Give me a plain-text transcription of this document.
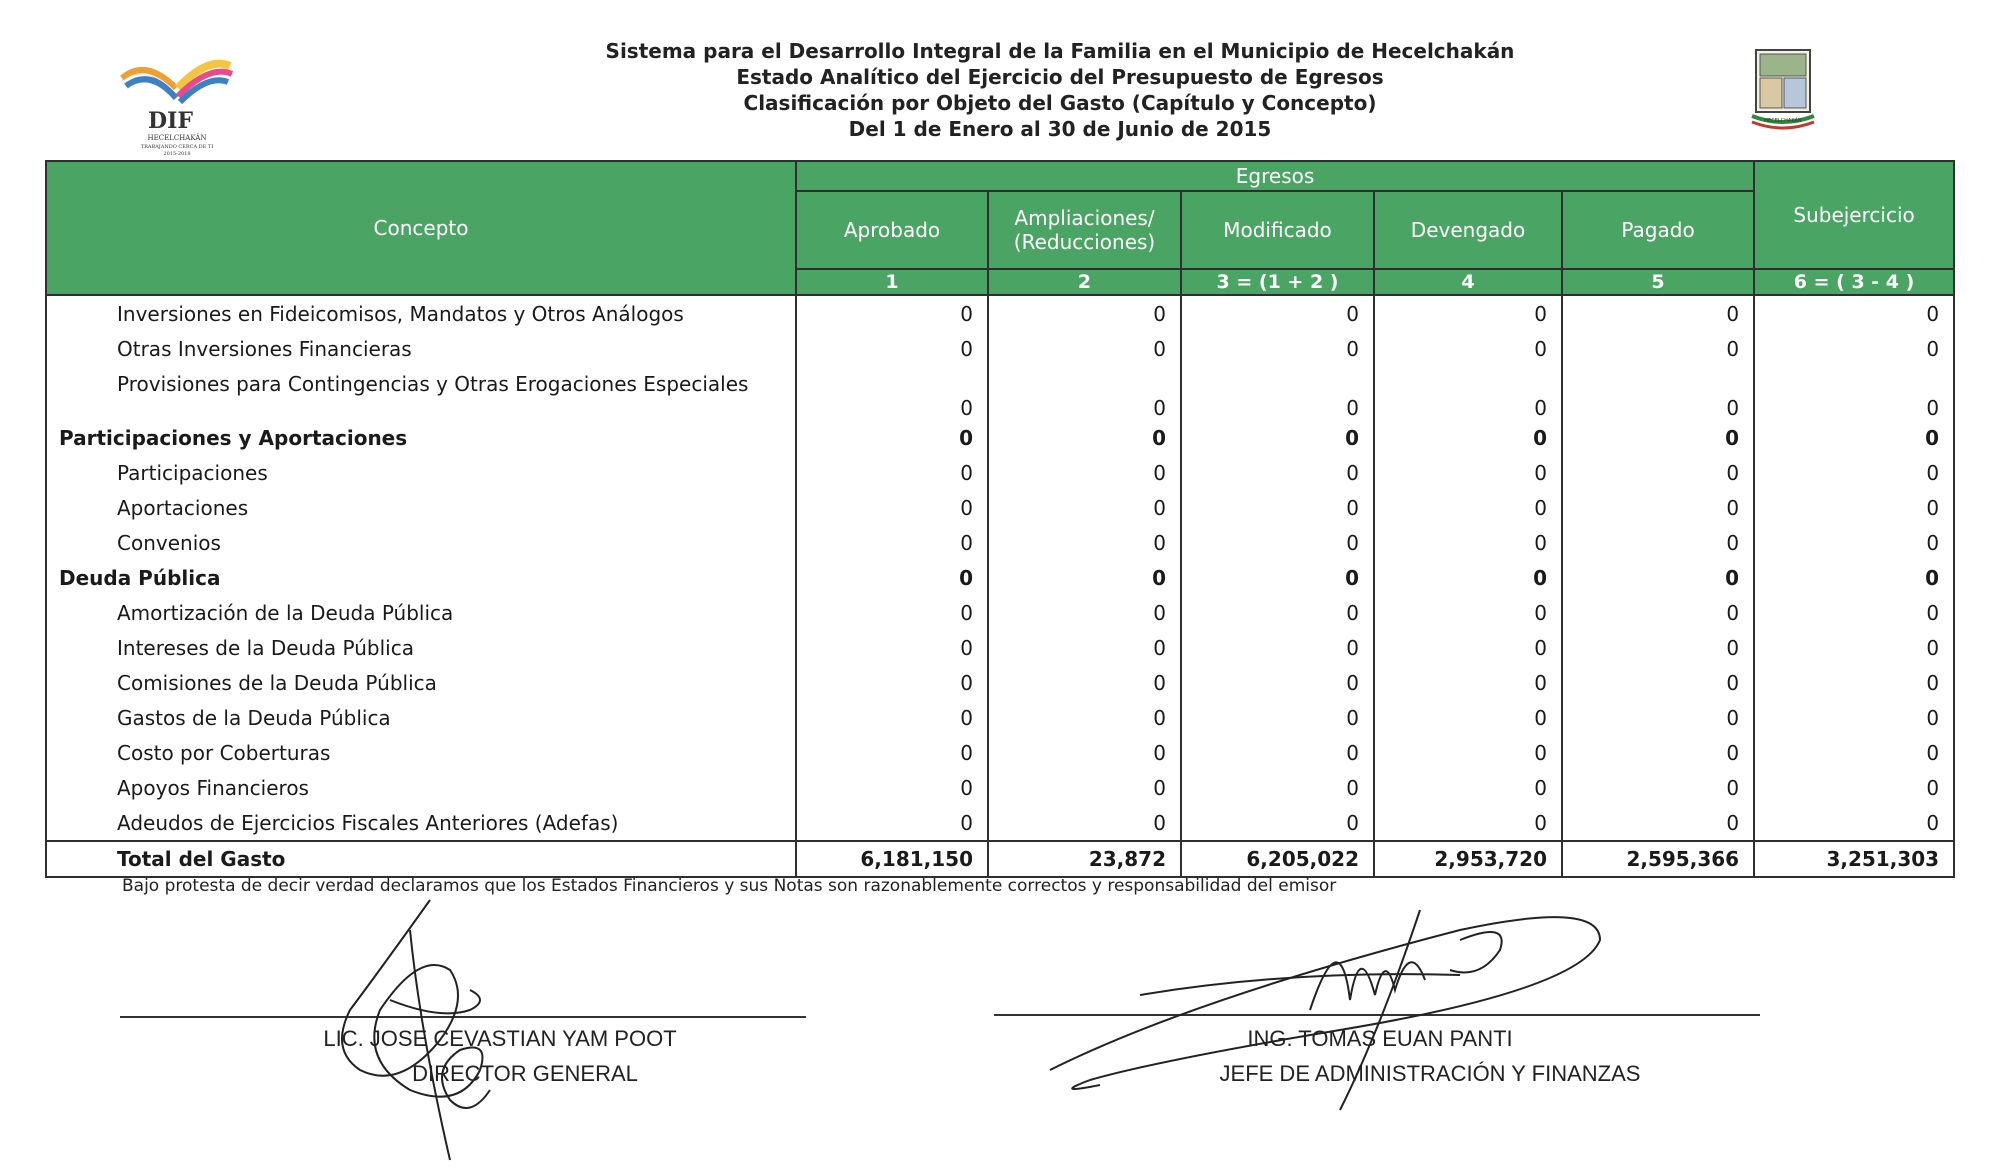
DIF
HECELCHAKÁN
TRABAJANDO CERCA DE TI
2015-2018
Sistema para el Desarrollo Integral de la Familia en el Municipio de Hecelchakán
Estado Analítico del Ejercicio del Presupuesto de Egresos
Clasificación por Objeto del Gasto (Capítulo y Concepto)
Del 1 de Enero al 30 de Junio de 2015	HECELCHAKÁN
Concepto	Egresos					Subejercicio
	Aprobado	Ampliaciones/ (Reducciones)	Modificado	Devengado	Pagado	
	1	2	3 = (1 + 2 )	4	5	6 = ( 3 - 4 )
Inversiones en Fideicomisos, Mandatos y Otros Análogos	0	0	0	0	0	0
Otras Inversiones Financieras	0	0	0	0	0	0
Provisiones para Contingencias y Otras Erogaciones Especiales	0	0	0	0	0	0
Participaciones y Aportaciones	0	0	0	0	0	0
Participaciones	0	0	0	0	0	0
Aportaciones	0	0	0	0	0	0
Convenios	0	0	0	0	0	0
Deuda Pública	0	0	0	0	0	0
Amortización de la Deuda Pública	0	0	0	0	0	0
Intereses de la Deuda Pública	0	0	0	0	0	0
Comisiones de la Deuda Pública	0	0	0	0	0	0
Gastos de la Deuda Pública	0	0	0	0	0	0
Costo por Coberturas	0	0	0	0	0	0
Apoyos Financieros	0	0	0	0	0	0
Adeudos de Ejercicios Fiscales Anteriores (Adefas)	0	0	0	0	0	0
Total del Gasto	6,181,150	23,872	6,205,022	2,953,720	2,595,366	3,251,303
Bajo protesta de decir verdad declaramos que los Estados Financieros y sus Notas son razonablemente correctos y responsabilidad del emisor
LIC. JOSE CEVASTIAN YAM POOT
DIRECTOR GENERAL
ING. TOMAS EUAN PANTI
JEFE DE ADMINISTRACIÓN Y FINANZAS
